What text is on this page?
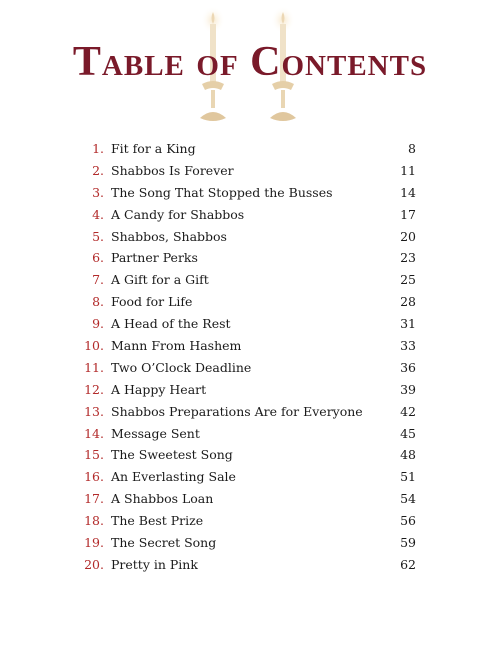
Table of Contents
1. Fit for a King	8
2. Shabbos Is Forever	11
3. The Song That Stopped the Busses	14
4. A Candy for Shabbos	17
5. Shabbos, Shabbos	20
6. Partner Perks	23
7. A Gift for a Gift	25
8. Food for Life	28
9. A Head of the Rest	31
10. Mann From Hashem	33
11. Two O’Clock Deadline	36
12. A Happy Heart	39
13. Shabbos Preparations Are for Everyone	42
14. Message Sent	45
15. The Sweetest Song	48
16. An Everlasting Sale	51
17. A Shabbos Loan	54
18. The Best Prize	56
19. The Secret Song	59
20. Pretty in Pink	62
